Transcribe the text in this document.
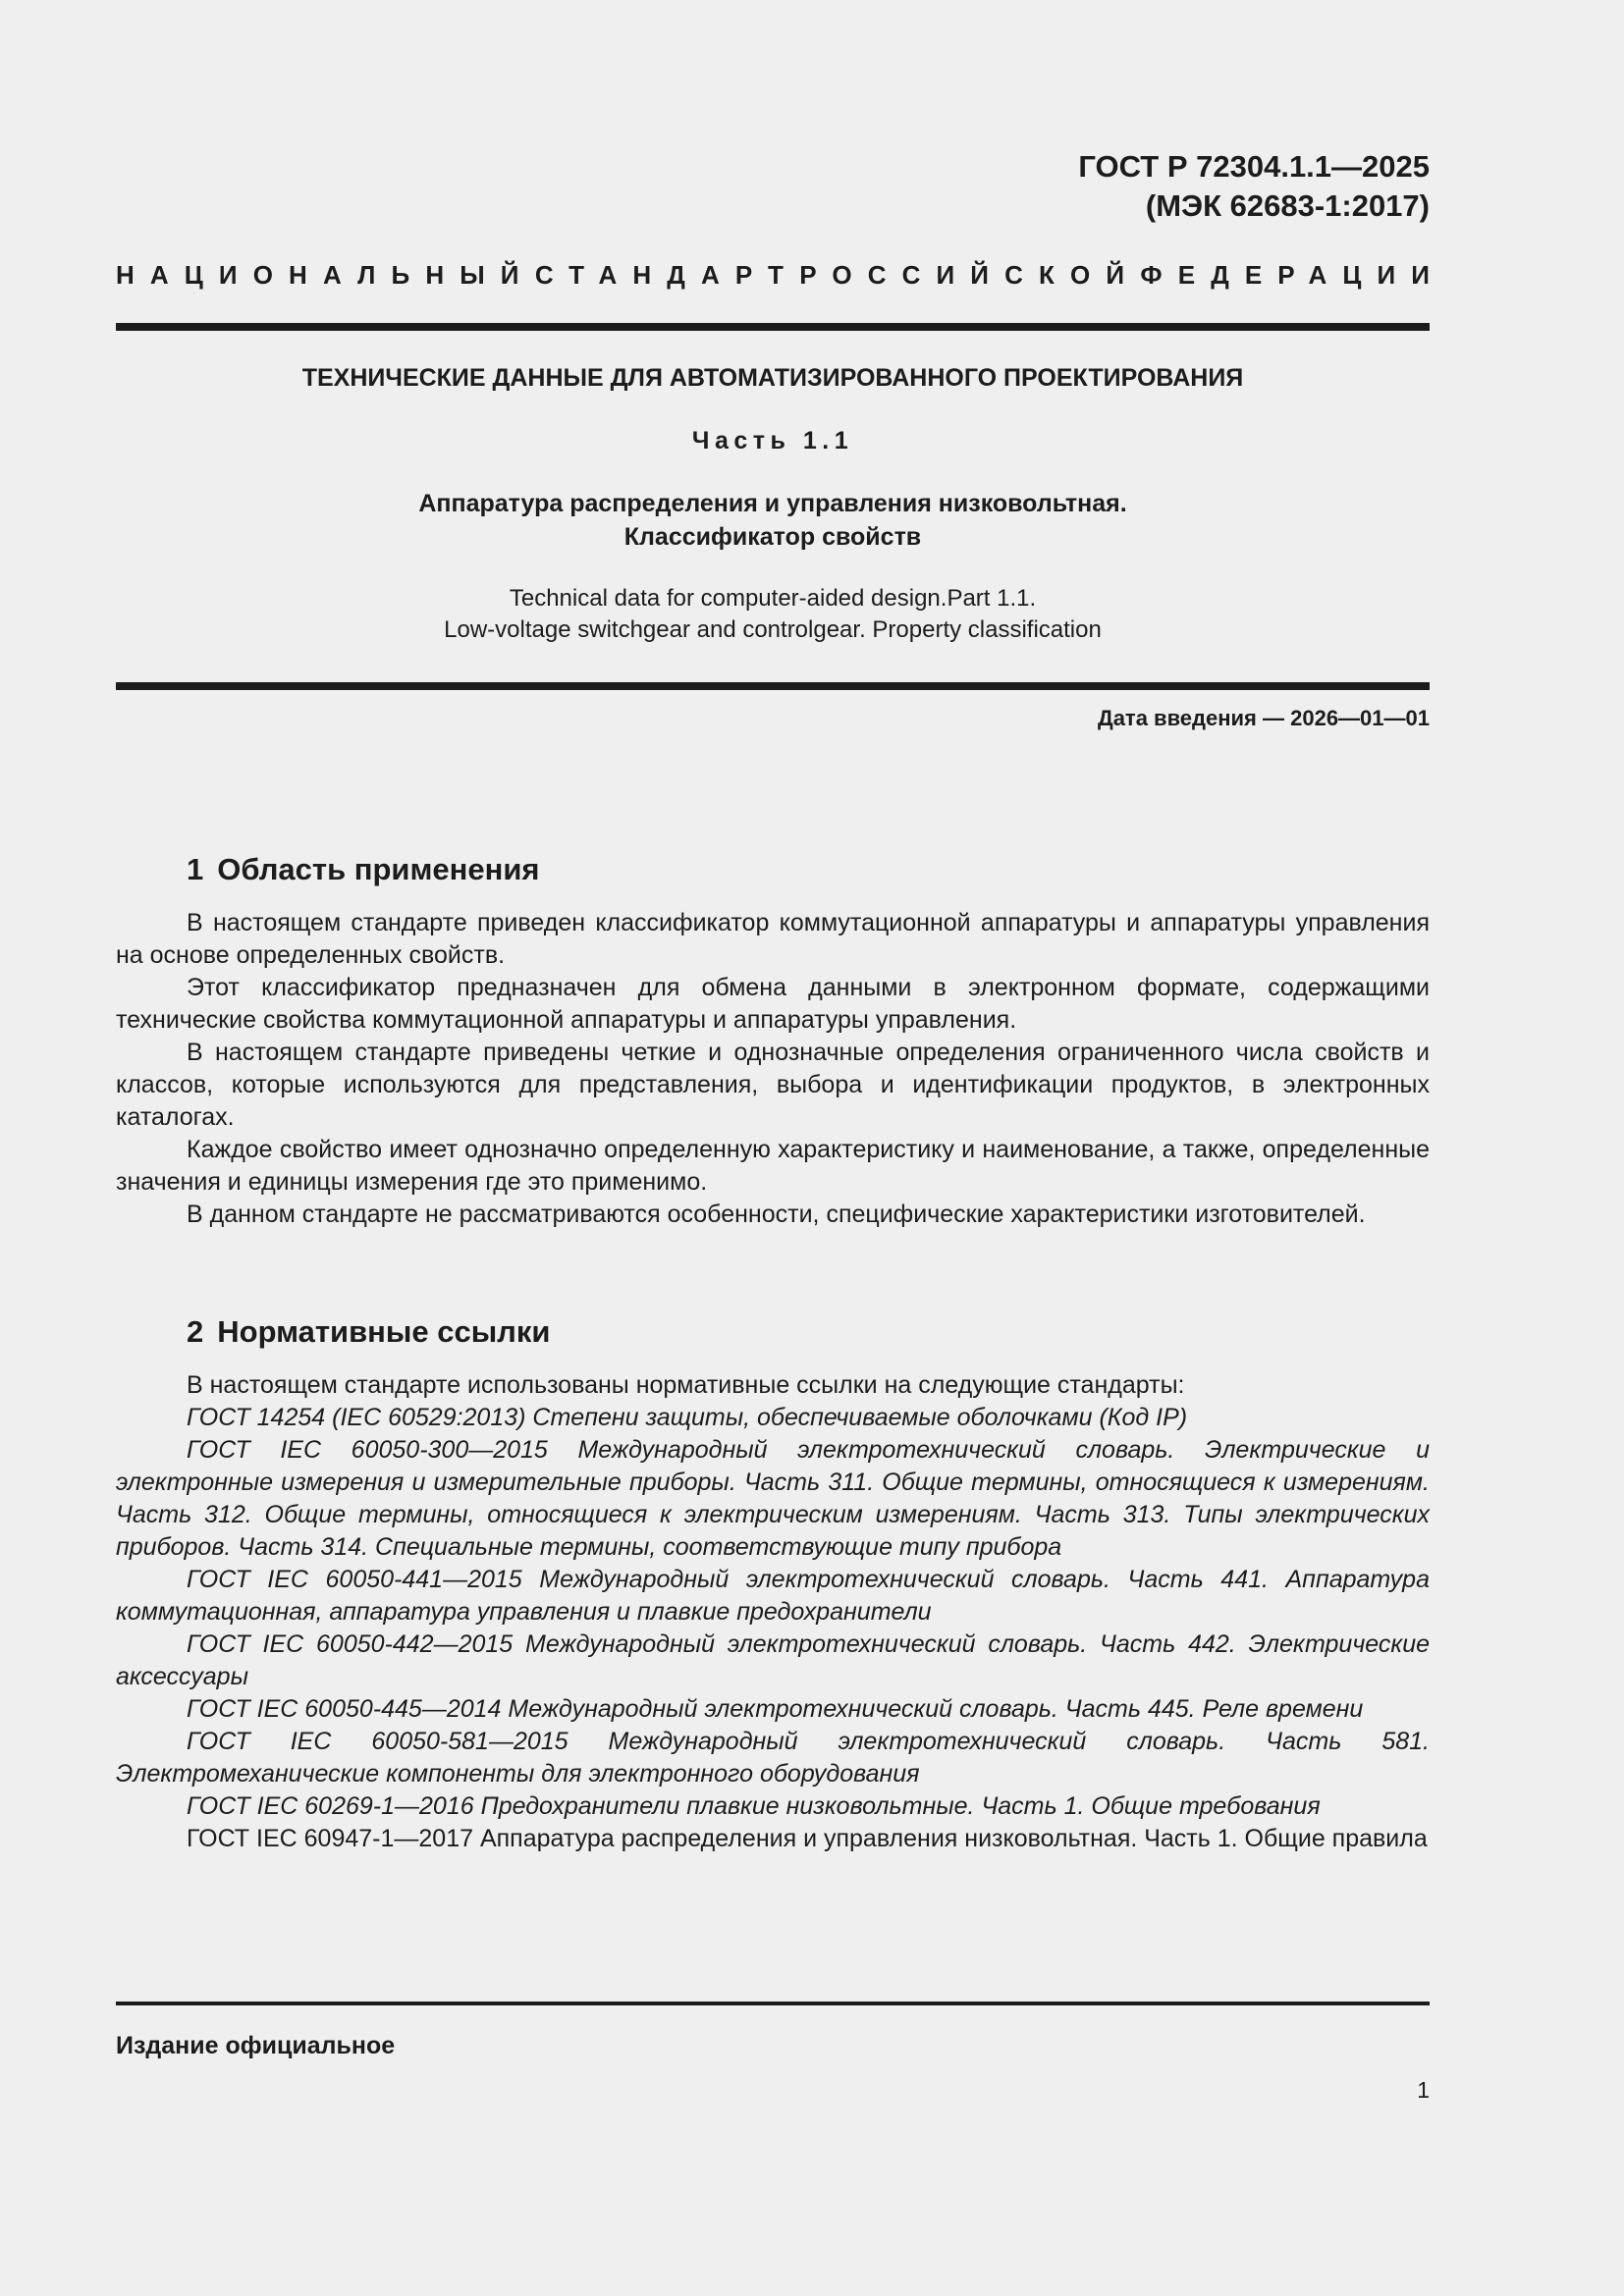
ГОСТ Р 72304.1.1—2025
(МЭК 62683-1:2017)
НАЦИОНАЛЬНЫЙ СТАНДАРТ РОССИЙСКОЙ ФЕДЕРАЦИИ
ТЕХНИЧЕСКИЕ ДАННЫЕ ДЛЯ АВТОМАТИЗИРОВАННОГО ПРОЕКТИРОВАНИЯ
Часть 1.1
Аппаратура распределения и управления низковольтная.
Классификатор свойств
Technical data for computer-aided design.Part 1.1.
Low-voltage switchgear and controlgear. Property classification
Дата введения — 2026—01—01
1 Область применения

В настоящем стандарте приведен классификатор коммутационной аппаратуры и аппаратуры управления на основе определенных свойств.

Этот классификатор предназначен для обмена данными в электронном формате, содержащими технические свойства коммутационной аппаратуры и аппаратуры управления.

В настоящем стандарте приведены четкие и однозначные определения ограниченного числа свойств и классов, которые используются для представления, выбора и идентификации продуктов, в электронных каталогах.

Каждое свойство имеет однозначно определенную характеристику и наименование, а также, определенные значения и единицы измерения где это применимо.

В данном стандарте не рассматриваются особенности, специфические характеристики изготовителей.

2 Нормативные ссылки

В настоящем стандарте использованы нормативные ссылки на следующие стандарты:

ГОСТ 14254 (IEC 60529:2013) Степени защиты, обеспечиваемые оболочками (Код IP)

ГОСТ IEC 60050-300—2015 Международный электротехнический словарь. Электрические и электронные измерения и измерительные приборы. Часть 311. Общие термины, относящиеся к измерениям. Часть 312. Общие термины, относящиеся к электрическим измерениям. Часть 313. Типы электрических приборов. Часть 314. Специальные термины, соответствующие типу прибора

ГОСТ IEC 60050-441—2015 Международный электротехнический словарь. Часть 441. Аппаратура коммутационная, аппаратура управления и плавкие предохранители

ГОСТ IEC 60050-442—2015 Международный электротехнический словарь. Часть 442. Электрические аксессуары

ГОСТ IEC 60050-445—2014 Международный электротехнический словарь. Часть 445. Реле времени

ГОСТ IEC 60050-581—2015 Международный электротехнический словарь. Часть 581. Электромеханические компоненты для электронного оборудования

ГОСТ IEC 60269-1—2016 Предохранители плавкие низковольтные. Часть 1. Общие требования

ГОСТ IEC 60947-1—2017 Аппаратура распределения и управления низковольтная. Часть 1. Общие правила

Издание официальное
1
